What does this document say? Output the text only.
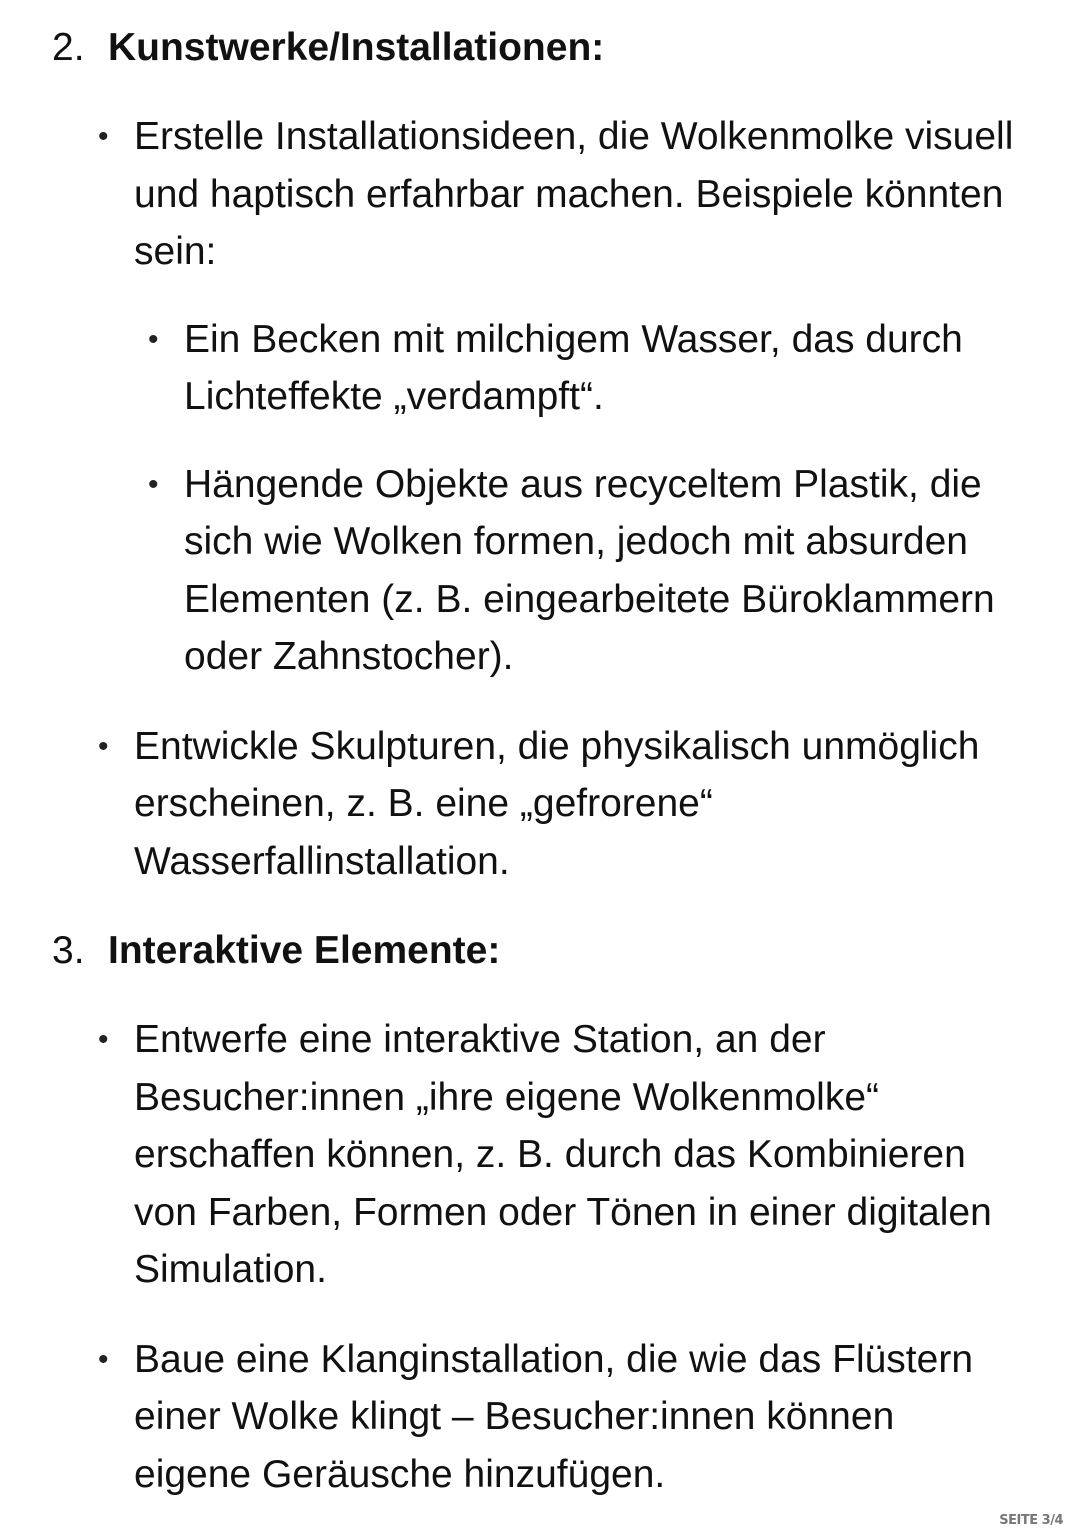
2. Kunstwerke/Installationen:
• Erstelle Installationsideen, die Wolkenmolke visuell und haptisch erfahrbar machen. Beispiele könnten sein:
• Ein Becken mit milchigem Wasser, das durch Lichteffekte „verdampft“.
• Hängende Objekte aus recyceltem Plastik, die sich wie Wolken formen, jedoch mit absurden Elementen (z. B. eingearbeitete Büroklammern oder Zahnstocher).
• Entwickle Skulpturen, die physikalisch unmöglich erscheinen, z. B. eine „gefrorene“ Wasserfallinstallation.
3. Interaktive Elemente:
• Entwerfe eine interaktive Station, an der Besucher:innen „ihre eigene Wolkenmolke“ erschaffen können, z. B. durch das Kombinieren von Farben, Formen oder Tönen in einer digitalen Simulation.
• Baue eine Klanginstallation, die wie das Flüstern einer Wolke klingt – Besucher:innen können eigene Geräusche hinzufügen.
SEITE 3/4
